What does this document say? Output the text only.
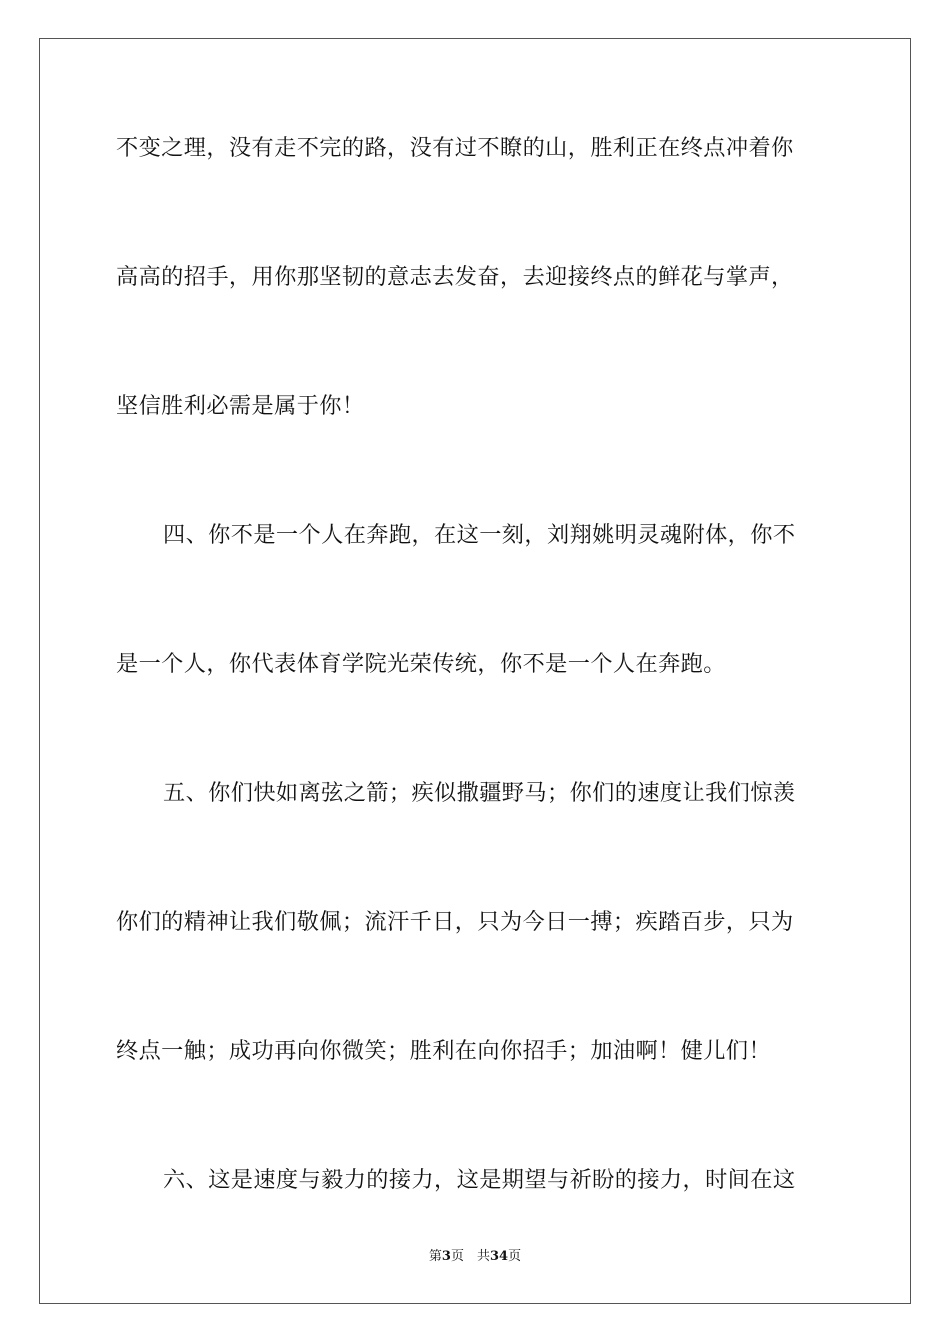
不变之理，没有走不完的路，没有过不瞭的山，胜利正在终点冲着你
高高的招手，用你那坚韧的意志去发奋，去迎接终点的鲜花与掌声，
坚信胜利必需是属于你！
四、你不是一个人在奔跑，在这一刻，刘翔姚明灵魂附体，你不
是一个人，你代表体育学院光荣传统，你不是一个人在奔跑。
五、你们快如离弦之箭；疾似撒疆野马；你们的速度让我们惊羡
你们的精神让我们敬佩；流汗千日，只为今日一搏；疾踏百步，只为
终点一触；成功再向你微笑；胜利在向你招手；加油啊！健儿们！
六、这是速度与毅力的接力，这是期望与祈盼的接力，时间在这
第3页　共34页
